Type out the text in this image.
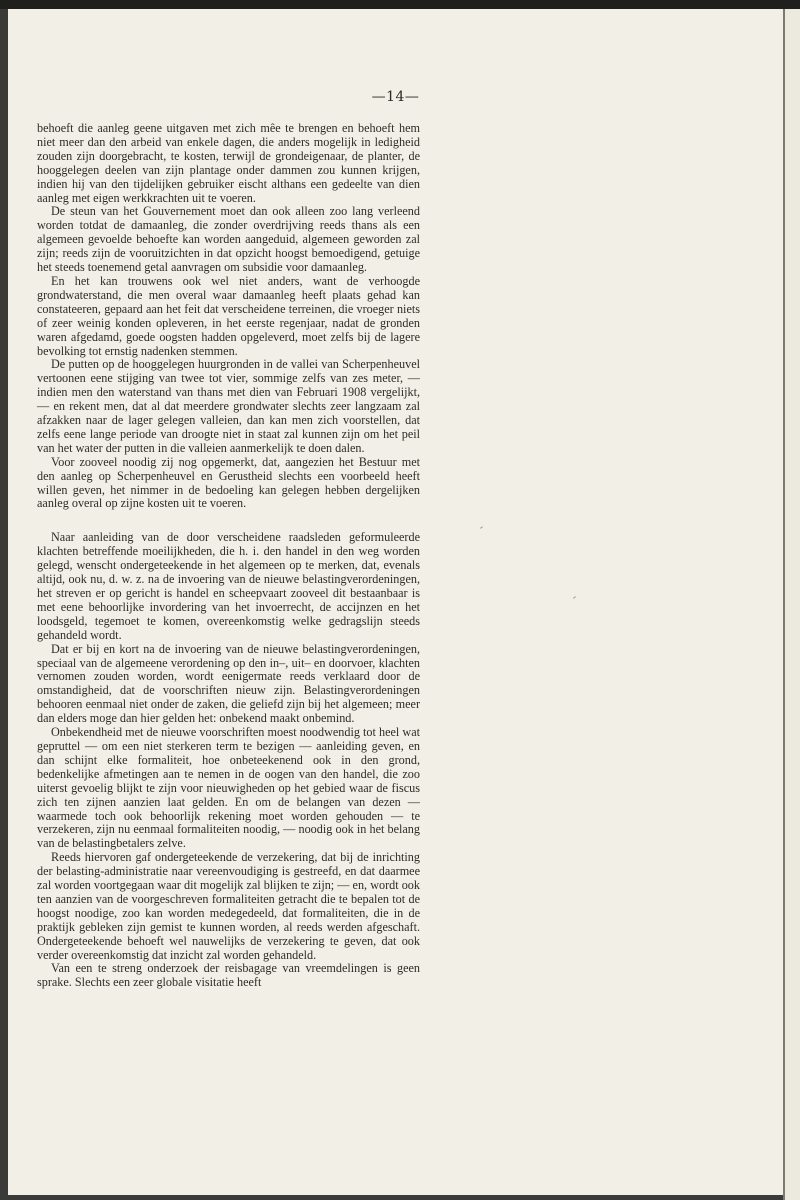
—14—

behoeft die aanleg geene uitgaven met zich mêe te brengen en behoeft hem niet meer dan den arbeid van enkele dagen, die anders mogelijk in ledigheid zouden zijn doorgebracht, te kosten, terwijl de grondeigenaar, de planter, de hooggelegen deelen van zijn plantage onder dammen zou kunnen krijgen, indien hij van den tijdelijken gebruiker eischt althans een gedeelte van dien aanleg met eigen werkkrachten uit te voeren.

De steun van het Gouvernement moet dan ook alleen zoo lang verleend worden totdat de damaanleg, die zonder overdrijving reeds thans als een algemeen gevoelde behoefte kan worden aangeduid, algemeen geworden zal zijn; reeds zijn de vooruitzichten in dat opzicht hoogst bemoedigend, getuige het steeds toenemend getal aanvragen om subsidie voor damaanleg.

En het kan trouwens ook wel niet anders, want de verhoogde grondwaterstand, die men overal waar damaanleg heeft plaats gehad kan constateeren, gepaard aan het feit dat verscheidene terreinen, die vroeger niets of zeer weinig konden opleveren, in het eerste regenjaar, nadat de gronden waren afgedamd, goede oogsten hadden opgeleverd, moet zelfs bij de lagere bevolking tot ernstig nadenken stemmen.

De putten op de hooggelegen huurgronden in de vallei van Scherpenheuvel vertoonen eene stijging van twee tot vier, sommige zelfs van zes meter, — indien men den waterstand van thans met dien van Februari 1908 vergelijkt, — en rekent men, dat al dat meerdere grondwater slechts zeer langzaam zal afzakken naar de lager gelegen valleien, dan kan men zich voorstellen, dat zelfs eene lange periode van droogte niet in staat zal kunnen zijn om het peil van het water der putten in die valleien aanmerkelijk te doen dalen.

Voor zooveel noodig zij nog opgemerkt, dat, aangezien het Bestuur met den aanleg op Scherpenheuvel en Gerustheid slechts een voorbeeld heeft willen geven, het nimmer in de bedoeling kan gelegen hebben dergelijken aanleg overal op zijne kosten uit te voeren.

Naar aanleiding van de door verscheidene raadsleden geformuleerde klachten betreffende moeilijkheden, die h. i. den handel in den weg worden gelegd, wenscht ondergeteekende in het algemeen op te merken, dat, evenals altijd, ook nu, d. w. z. na de invoering van de nieuwe belastingverordeningen, het streven er op gericht is handel en scheepvaart zooveel dit bestaanbaar is met eene behoorlijke invordering van het invoerrecht, de accijnzen en het loodsgeld, tegemoet te komen, overeenkomstig welke gedragslijn steeds gehandeld wordt.

Dat er bij en kort na de invoering van de nieuwe belastingverordeningen, speciaal van de algemeene verordening op den in–, uit– en doorvoer, klachten vernomen zouden worden, wordt eenigermate reeds verklaard door de omstandigheid, dat de voorschriften nieuw zijn. Belastingverordeningen behooren eenmaal niet onder de zaken, die geliefd zijn bij het algemeen; meer dan elders moge dan hier gelden het: onbekend maakt onbemind.

Onbekendheid met de nieuwe voorschriften moest noodwendig tot heel wat gepruttel — om een niet sterkeren term te bezigen — aanleiding geven, en dan schijnt elke formaliteit, hoe onbeteekenend ook in den grond, bedenkelijke afmetingen aan te nemen in de oogen van den handel, die zoo uiterst gevoelig blijkt te zijn voor nieuwigheden op het gebied waar de fiscus zich ten zijnen aanzien laat gelden. En om de belangen van dezen — waarmede toch ook behoorlijk rekening moet worden gehouden — te verzekeren, zijn nu eenmaal formaliteiten noodig, — noodig ook in het belang van de belastingbetalers zelve.

Reeds hiervoren gaf ondergeteekende de verzekering, dat bij de inrichting der belasting-administratie naar vereenvoudiging is gestreefd, en dat daarmee zal worden voortgegaan waar dit mogelijk zal blijken te zijn; — en, wordt ook ten aanzien van de voorgeschreven formaliteiten getracht die te bepalen tot de hoogst noodige, zoo kan worden medegedeeld, dat formaliteiten, die in de praktijk gebleken zijn gemist te kunnen worden, al reeds werden afgeschaft. Ondergeteekende behoeft wel nauwelijks de verzekering te geven, dat ook verder overeenkomstig dat inzicht zal worden gehandeld.

Van een te streng onderzoek der reisbagage van vreemdelingen is geen sprake. Slechts een zeer globale visitatie heeft
